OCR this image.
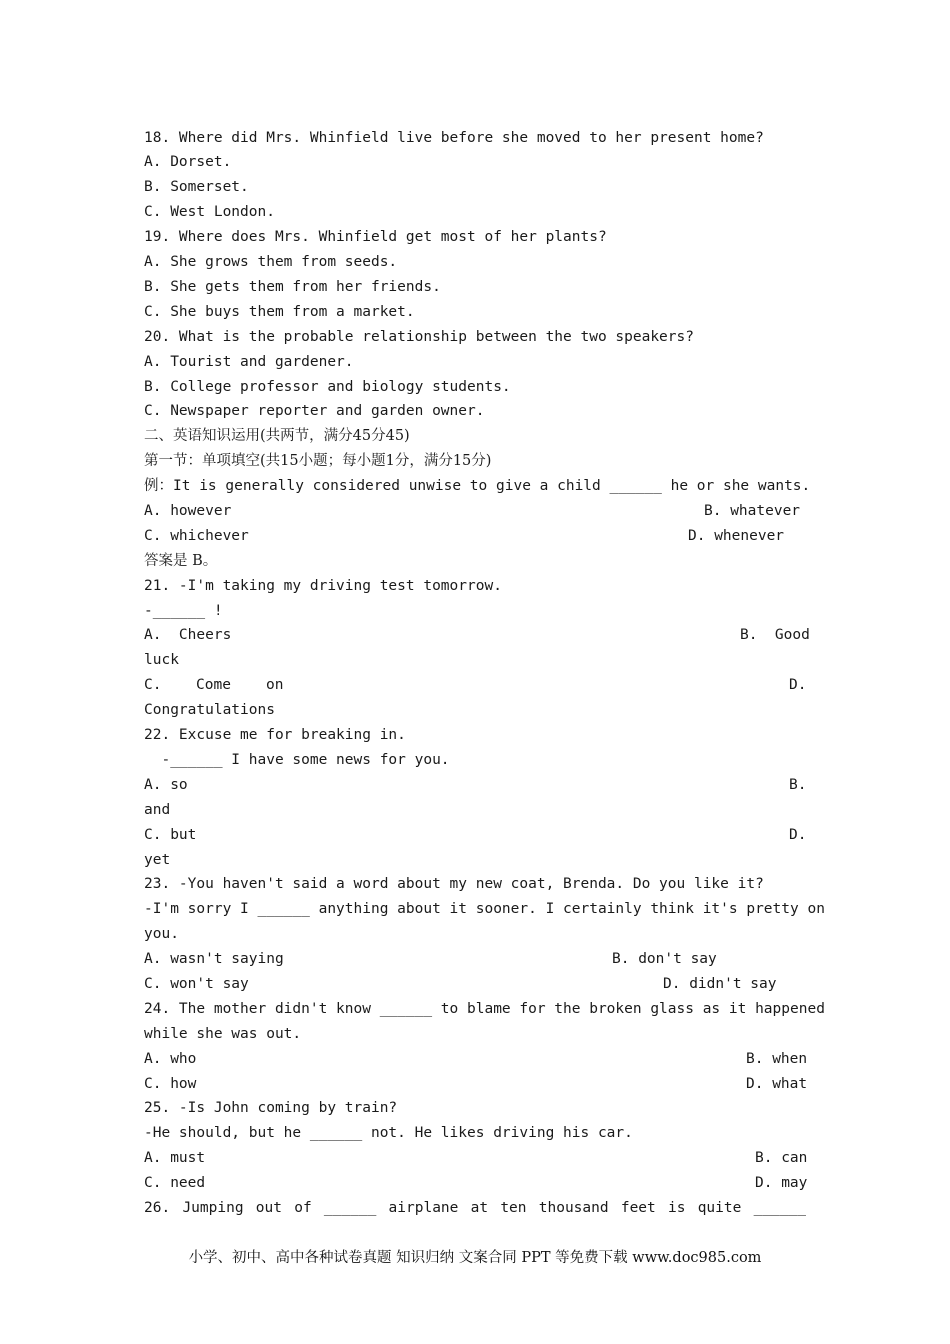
18. Where did Mrs. Whinfield live before she moved to her present home?
A. Dorset.
B. Somerset.
C. West London.
19. Where does Mrs. Whinfield get most of her plants?
A. She grows them from seeds.
B. She gets them from her friends.
C. She buys them from a market.
20. What is the probable relationship between the two speakers?
A. Tourist and gardener.
B. College professor and biology students.
C. Newspaper reporter and garden owner.
二、英语知识运用(共两节，满分45分45)
第一节：单项填空(共15小题；每小题1分，满分15分)
例：It is generally considered unwise to give a child ______ he or she wants.
A. however	B. whatever
C. whichever	D. whenever
答案是 B。
21. -I'm taking my driving test tomorrow.
-______ !
A.  Cheers	B.  Good
luck
C. Come on	D.
Congratulations
22. Excuse me for breaking in.
-______ I have some news for you.
A. so	B.
and
C. but	D.
yet
23. -You haven't said a word about my new coat, Brenda. Do you like it?
-I'm sorry I ______ anything about it sooner. I certainly think it's pretty on
you.
A. wasn't saying	B. don't say
C. won't say	D. didn't say
24. The mother didn't know ______ to blame for the broken glass as it happened
while she was out.
A. who	B. when
C. how	D. what
25. -Is John coming by train?
-He should, but he ______ not. He likes driving his car.
A. must	B. can
C. need	D. may
26. Jumping out of ______ airplane at ten thousand feet is quite ______
小学、初中、高中各种试卷真题 知识归纳 文案合同 PPT 等免费下载 www.doc985.com
